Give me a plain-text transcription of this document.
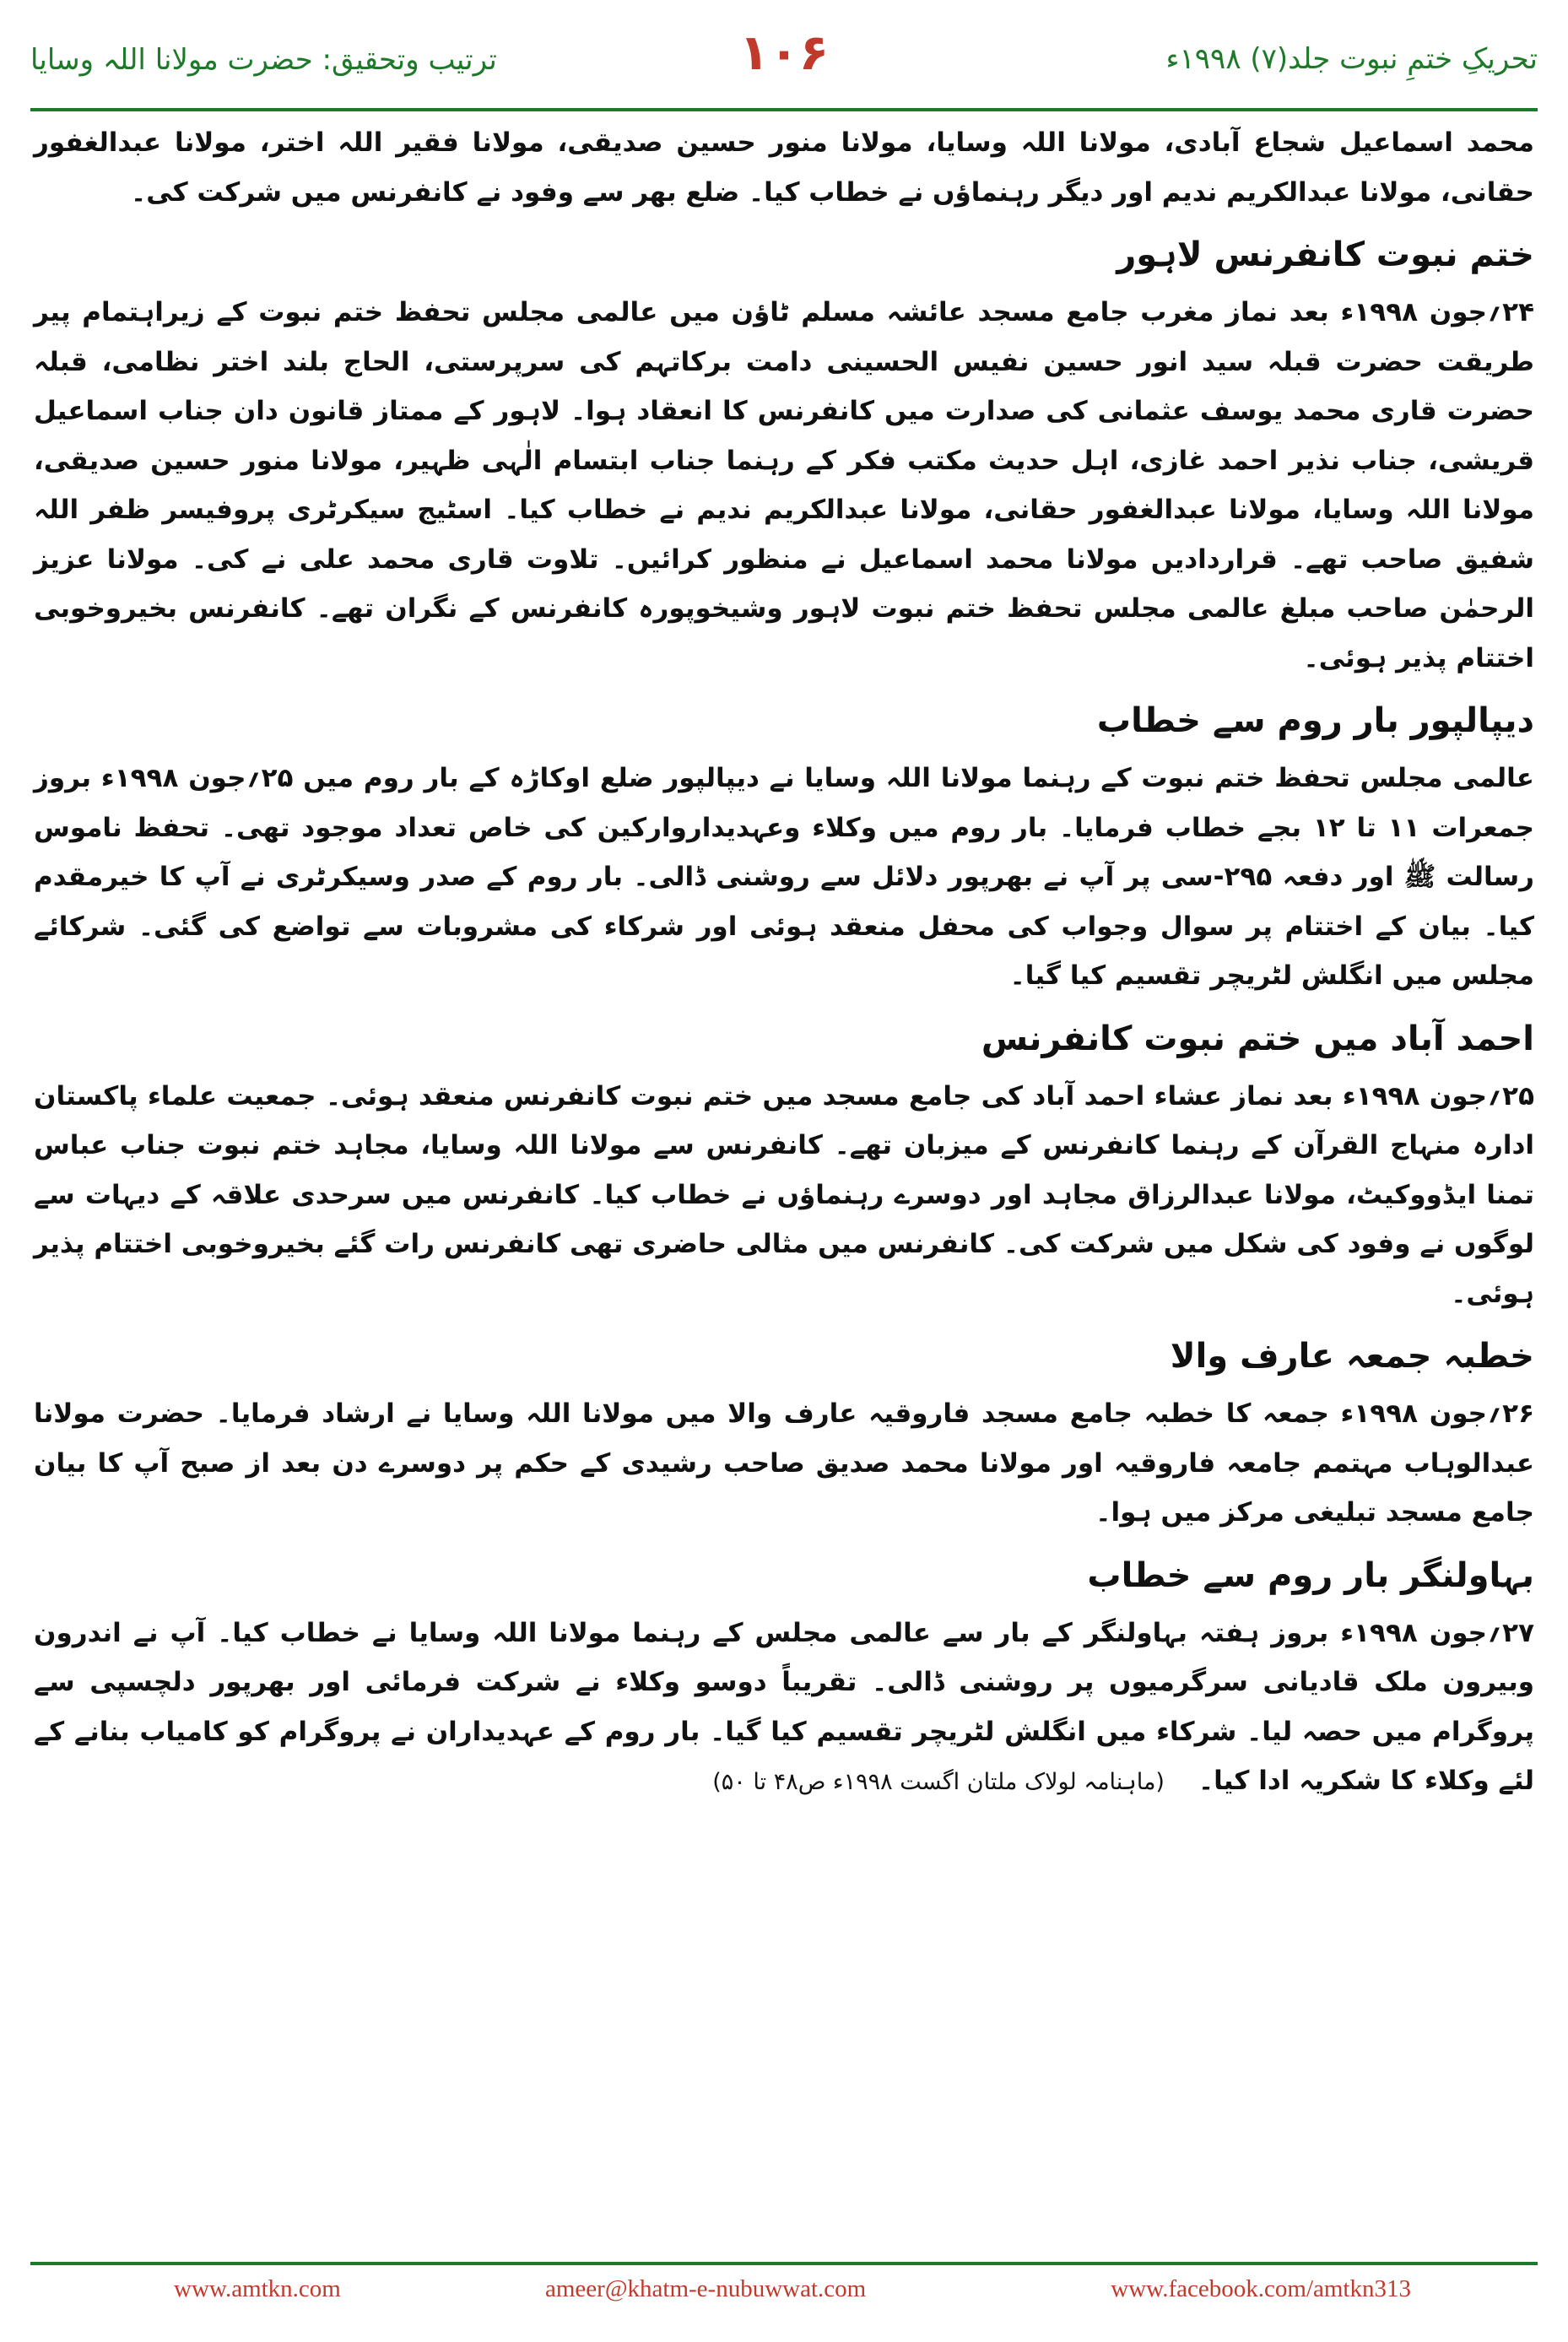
ترتیب وتحقیق: حضرت مولانا اللہ وسایا	۱۰۶	تحریکِ ختمِ نبوت جلد(۷) ۱۹۹۸ء

محمد اسماعیل شجاع آبادی، مولانا اللہ وسایا، مولانا منور حسین صدیقی، مولانا فقیر اللہ اختر، مولانا عبدالغفور حقانی، مولانا عبدالکریم ندیم اور دیگر رہنماؤں نے خطاب کیا۔ ضلع بھر سے وفود نے کانفرنس میں شرکت کی۔

ختم نبوت کانفرنس لاہور

۲۴؍جون ۱۹۹۸ء بعد نماز مغرب جامع مسجد عائشہ مسلم ٹاؤن میں عالمی مجلس تحفظ ختم نبوت کے زیراہتمام پیر طریقت حضرت قبلہ سید انور حسین نفیس الحسینی دامت برکاتہم کی سرپرستی، الحاج بلند اختر نظامی، قبلہ حضرت قاری محمد یوسف عثمانی کی صدارت میں کانفرنس کا انعقاد ہوا۔ لاہور کے ممتاز قانون دان جناب اسماعیل قریشی، جناب نذیر احمد غازی، اہل حدیث مکتب فکر کے رہنما جناب ابتسام الٰہی ظہیر، مولانا منور حسین صدیقی، مولانا اللہ وسایا، مولانا عبدالغفور حقانی، مولانا عبدالکریم ندیم نے خطاب کیا۔ اسٹیج سیکرٹری پروفیسر ظفر اللہ شفیق صاحب تھے۔ قراردادیں مولانا محمد اسماعیل نے منظور کرائیں۔ تلاوت قاری محمد علی نے کی۔ مولانا عزیز الرحمٰن صاحب مبلغ عالمی مجلس تحفظ ختم نبوت لاہور وشیخوپورہ کانفرنس کے نگران تھے۔ کانفرنس بخیروخوبی اختتام پذیر ہوئی۔

دیپالپور بار روم سے خطاب

عالمی مجلس تحفظ ختم نبوت کے رہنما مولانا اللہ وسایا نے دیپالپور ضلع اوکاڑہ کے بار روم میں ۲۵؍جون ۱۹۹۸ء بروز جمعرات ۱۱ تا ۱۲ بجے خطاب فرمایا۔ بار روم میں وکلاء وعہدیداروارکین کی خاص تعداد موجود تھی۔ تحفظ ناموس رسالت ﷺ اور دفعہ ۲۹۵-سی پر آپ نے بھرپور دلائل سے روشنی ڈالی۔ بار روم کے صدر وسیکرٹری نے آپ کا خیرمقدم کیا۔ بیان کے اختتام پر سوال وجواب کی محفل منعقد ہوئی اور شرکاء کی مشروبات سے تواضع کی گئی۔ شرکائے مجلس میں انگلش لٹریچر تقسیم کیا گیا۔

احمد آباد میں ختم نبوت کانفرنس

۲۵؍جون ۱۹۹۸ء بعد نماز عشاء احمد آباد کی جامع مسجد میں ختم نبوت کانفرنس منعقد ہوئی۔ جمعیت علماء پاکستان ادارہ منہاج القرآن کے رہنما کانفرنس کے میزبان تھے۔ کانفرنس سے مولانا اللہ وسایا، مجاہد ختم نبوت جناب عباس تمنا ایڈووکیٹ، مولانا عبدالرزاق مجاہد اور دوسرے رہنماؤں نے خطاب کیا۔ کانفرنس میں سرحدی علاقہ کے دیہات سے لوگوں نے وفود کی شکل میں شرکت کی۔ کانفرنس میں مثالی حاضری تھی کانفرنس رات گئے بخیروخوبی اختتام پذیر ہوئی۔

خطبہ جمعہ عارف والا

۲۶؍جون ۱۹۹۸ء جمعہ کا خطبہ جامع مسجد فاروقیہ عارف والا میں مولانا اللہ وسایا نے ارشاد فرمایا۔ حضرت مولانا عبدالوہاب مہتمم جامعہ فاروقیہ اور مولانا محمد صدیق صاحب رشیدی کے حکم پر دوسرے دن بعد از صبح آپ کا بیان جامع مسجد تبلیغی مرکز میں ہوا۔

بہاولنگر بار روم سے خطاب

۲۷؍جون ۱۹۹۸ء بروز ہفتہ بہاولنگر کے بار سے عالمی مجلس کے رہنما مولانا اللہ وسایا نے خطاب کیا۔ آپ نے اندرون وبیرون ملک قادیانی سرگرمیوں پر روشنی ڈالی۔ تقریباً دوسو وکلاء نے شرکت فرمائی اور بھرپور دلچسپی سے پروگرام میں حصہ لیا۔ شرکاء میں انگلش لٹریچر تقسیم کیا گیا۔ بار روم کے عہدیداران نے پروگرام کو کامیاب بنانے کے لئے وکلاء کا شکریہ ادا کیا۔(ماہنامہ لولاک ملتان اگست ۱۹۹۸ء ص۴۸ تا ۵۰)

www.amtkn.com	ameer@khatm-e-nubuwwat.com	www.facebook.com/amtkn313
